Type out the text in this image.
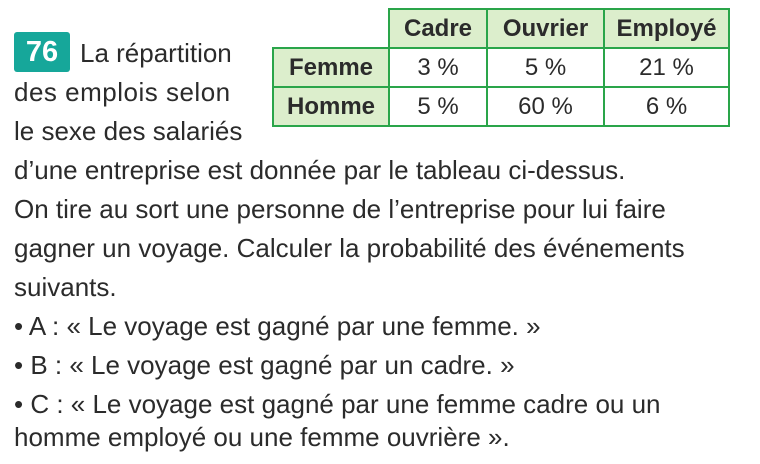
76 La répartition
des emplois selon
le sexe des salariés
	Cadre	Ouvrier	Employé
Femme	3 %	5 %	21 %
Homme	5 %	60 %	6 %
d’une entreprise est donnée par le tableau ci-dessus.
On tire au sort une personne de l’entreprise pour lui faire
gagner un voyage. Calculer la probabilité des événements
suivants.
• A : « Le voyage est gagné par une femme. »
• B : « Le voyage est gagné par un cadre. »
• C : « Le voyage est gagné par une femme cadre ou un
homme employé ou une femme ouvrière ».
